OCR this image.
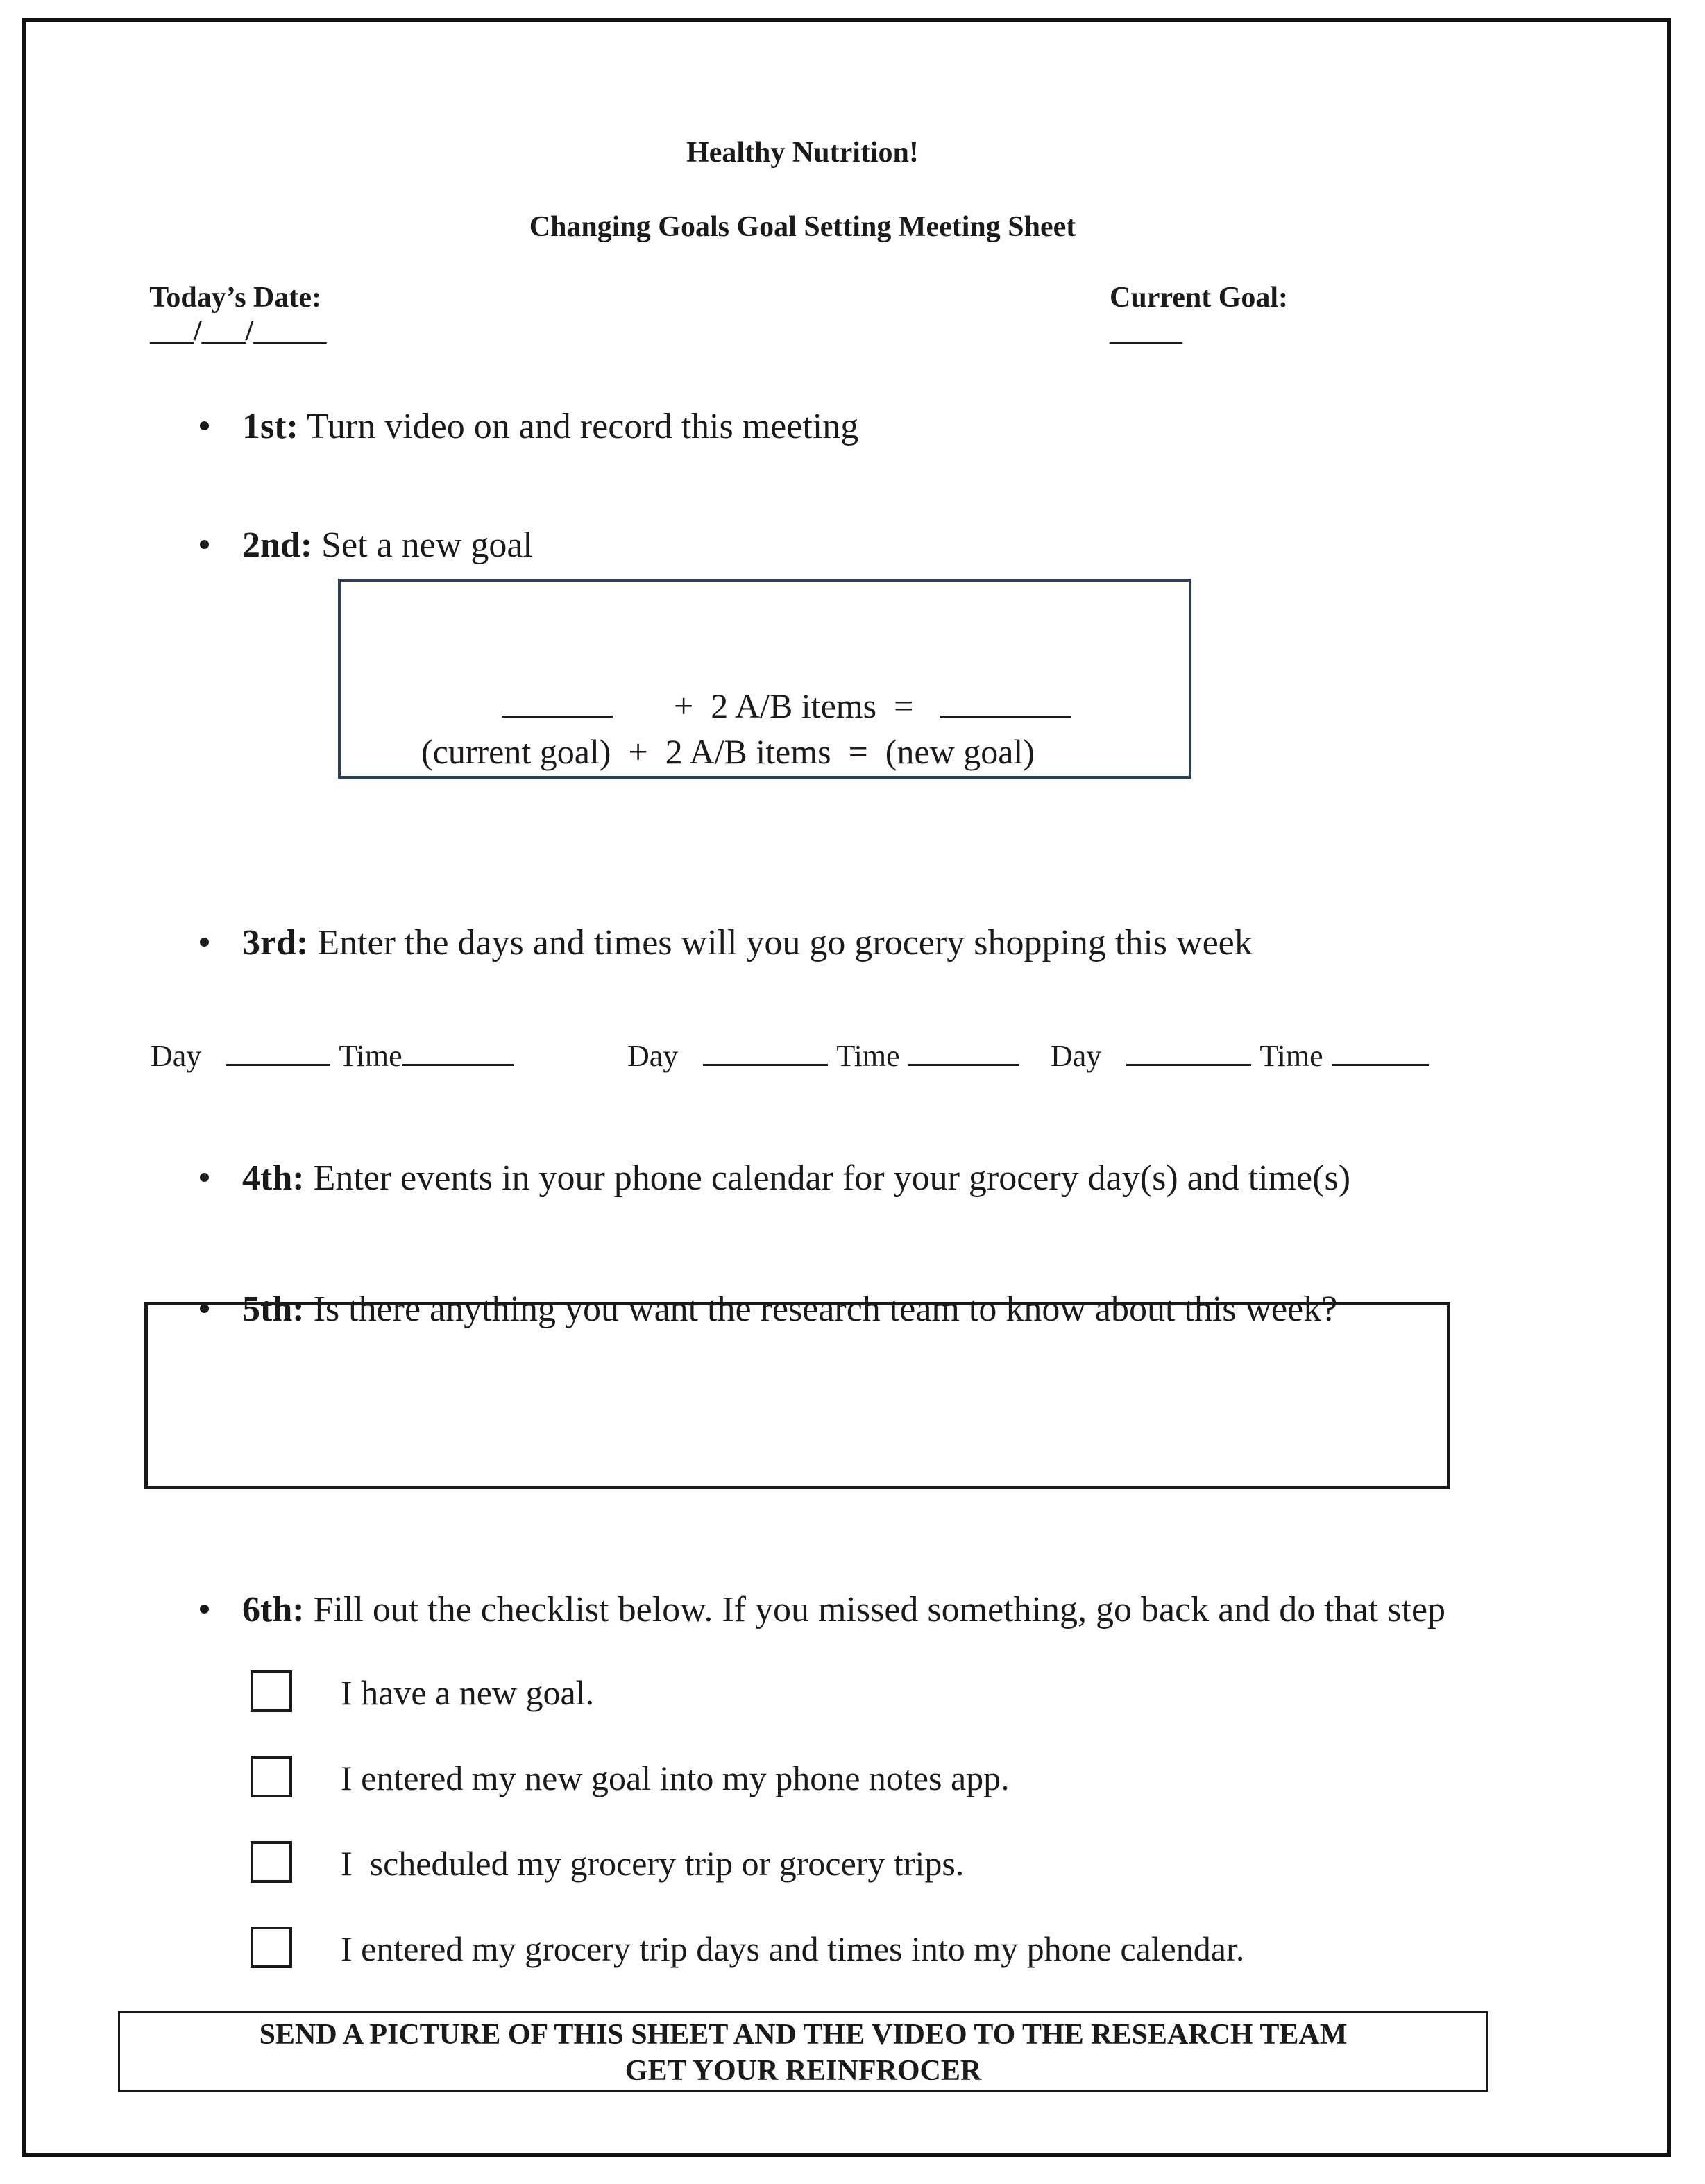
Healthy Nutrition!
Changing Goals Goal Setting Meeting Sheet

Today’s Date:
___/___/_____

Current Goal:
_____

1st: Turn video on and record this meeting

2nd: Set a new goal

+  2 A/B items  =

(current goal)  +  2 A/B items  =  (new goal)

3rd: Enter the days and times will you go grocery shopping this week

Day	Time	Day	Time	Day	Time

4th: Enter events in your phone calendar for your grocery day(s) and time(s)

5th: Is there anything you want the research team to know about this week?

6th: Fill out the checklist below. If you missed something, go back and do that step

I have a new goal.

I entered my new goal into my phone notes app.

I  scheduled my grocery trip or grocery trips.

I entered my grocery trip days and times into my phone calendar.

SEND A PICTURE OF THIS SHEET AND THE VIDEO TO THE RESEARCH TEAM
GET YOUR REINFROCER
